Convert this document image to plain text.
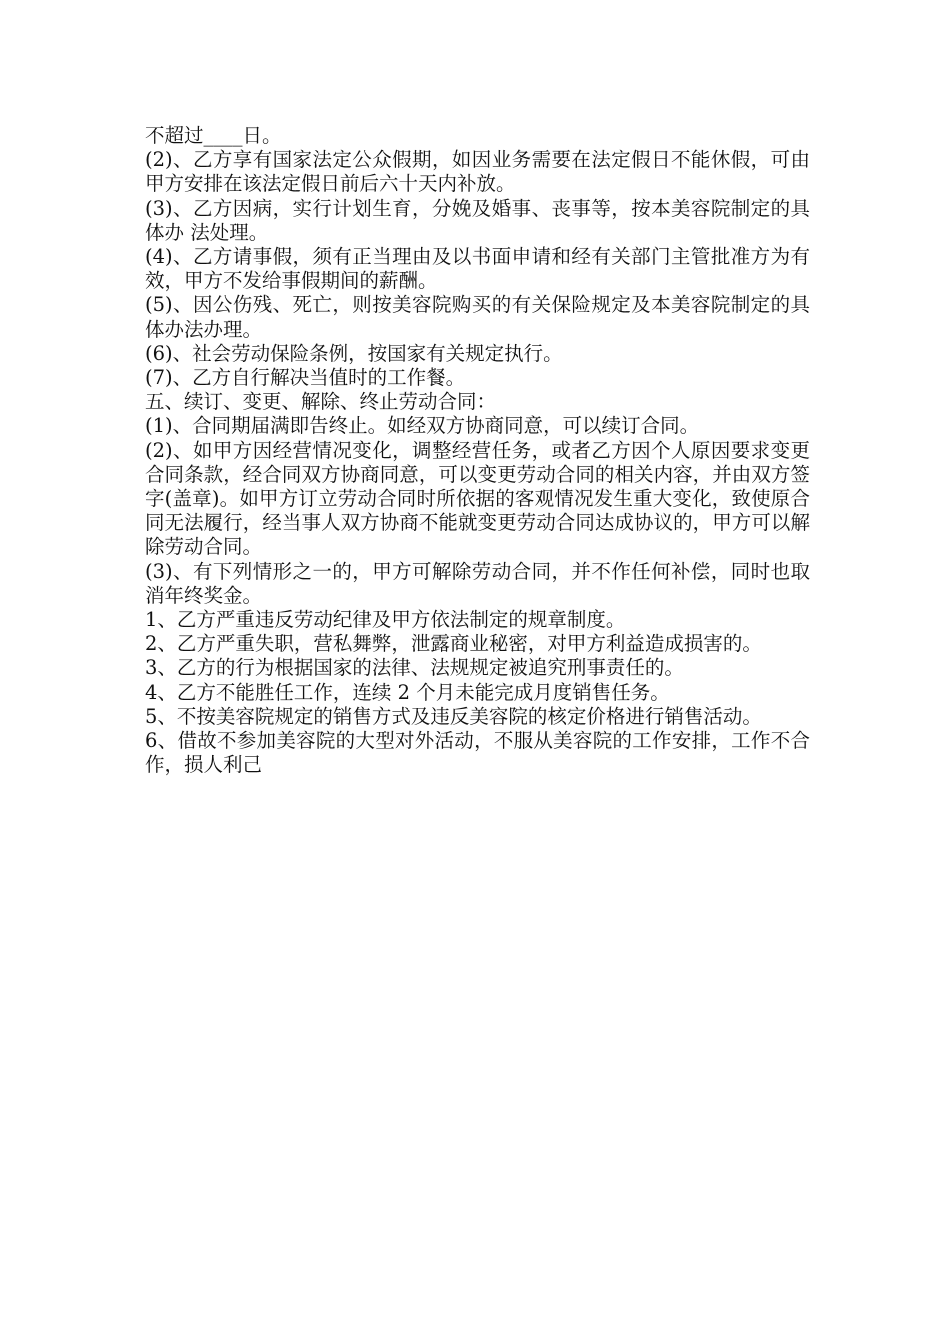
不超过____日。

(2)、乙方享有国家法定公众假期，如因业务需要在法定假日不能休假，可由甲方安排在该法定假日前后六十天内补放。

(3)、乙方因病，实行计划生育，分娩及婚事、丧事等，按本美容院制定的具体办 法处理。

(4)、乙方请事假，须有正当理由及以书面申请和经有关部门主管批准方为有效，甲方不发给事假期间的薪酬。

(5)、因公伤残、死亡，则按美容院购买的有关保险规定及本美容院制定的具体办法办理。

(6)、社会劳动保险条例，按国家有关规定执行。

(7)、乙方自行解决当值时的工作餐。

五、续订、变更、解除、终止劳动合同：

(1)、合同期届满即告终止。如经双方协商同意，可以续订合同。

(2)、如甲方因经营情况变化，调整经营任务，或者乙方因个人原因要求变更合同条款，经合同双方协商同意，可以变更劳动合同的相关内容，并由双方签字(盖章)。如甲方订立劳动合同时所依据的客观情况发生重大变化，致使原合同无法履行，经当事人双方协商不能就变更劳动合同达成协议的，甲方可以解除劳动合同。

(3)、有下列情形之一的，甲方可解除劳动合同，并不作任何补偿，同时也取消年终奖金。

1、乙方严重违反劳动纪律及甲方依法制定的规章制度。

2、乙方严重失职，营私舞弊，泄露商业秘密，对甲方利益造成损害的。

3、乙方的行为根据国家的法律、法规规定被追究刑事责任的。

4、乙方不能胜任工作，连续 2 个月未能完成月度销售任务。

5、不按美容院规定的销售方式及违反美容院的核定价格进行销售活动。

6、借故不参加美容院的大型对外活动，不服从美容院的工作安排，工作不合作，损人利己
